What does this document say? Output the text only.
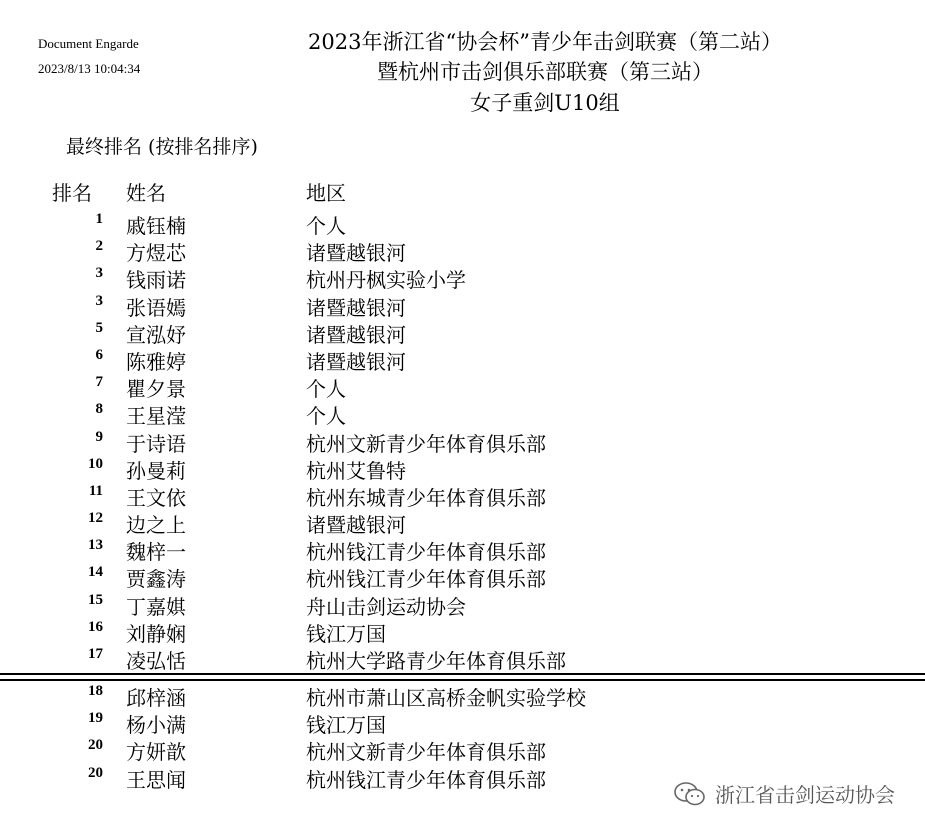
Document Engarde
2023/8/13 10:04:34
2023年浙江省“协会杯”青少年击剑联赛（第二站）
暨杭州市击剑俱乐部联赛（第三站）
女子重剑U10组
最终排名 (按排名排序)
排名 姓名	地区
1 戚钰楠	个人
2 方煜芯	诸暨越银河
3 钱雨诺	杭州丹枫实验小学
3 张语嫣	诸暨越银河
5 宣泓妤	诸暨越银河
6 陈雅婷	诸暨越银河
7 瞿夕景	个人
8 王星滢	个人
9 于诗语	杭州文新青少年体育俱乐部
10 孙曼莉	杭州艾鲁特
11 王文依	杭州东城青少年体育俱乐部
12 边之上	诸暨越银河
13 魏梓一	杭州钱江青少年体育俱乐部
14 贾鑫涛	杭州钱江青少年体育俱乐部
15 丁嘉娸	舟山击剑运动协会
16 刘静娴	钱江万国
17 凌弘恬	杭州大学路青少年体育俱乐部
18 邱梓涵	杭州市萧山区高桥金帆实验学校
19 杨小满	钱江万国
20 方妍歆	杭州文新青少年体育俱乐部
20 王思闻	杭州钱江青少年体育俱乐部
浙江省击剑运动协会
